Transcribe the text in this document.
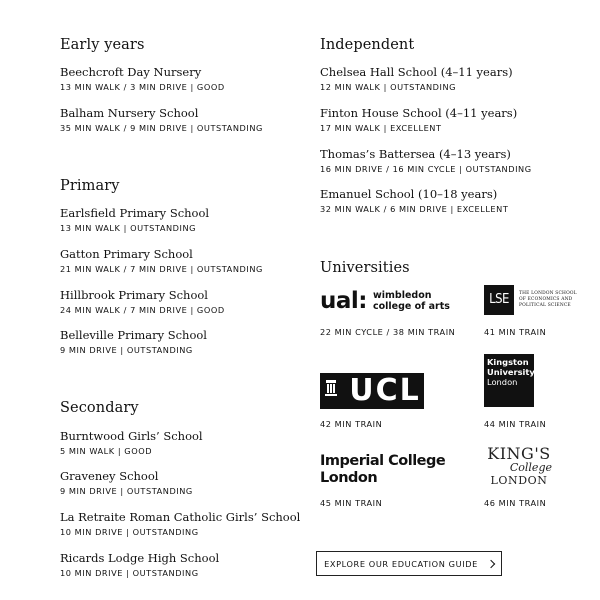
Early years
Beechcroft Day Nursery
13 MIN WALK / 3 MIN DRIVE | GOOD
Balham Nursery School
35 MIN WALK / 9 MIN DRIVE | OUTSTANDING
Primary
Earlsfield Primary School
13 MIN WALK | OUTSTANDING
Gatton Primary School
21 MIN WALK / 7 MIN DRIVE | OUTSTANDING
Hillbrook Primary School
24 MIN WALK / 7 MIN DRIVE | GOOD
Belleville Primary School
9 MIN DRIVE | OUTSTANDING
Secondary
Burntwood Girls’ School
5 MIN WALK | GOOD
Graveney School
9 MIN DRIVE | OUTSTANDING
La Retraite Roman Catholic Girls’ School
10 MIN DRIVE | OUTSTANDING
Ricards Lodge High School
10 MIN DRIVE | OUTSTANDING
Independent
Chelsea Hall School (4–11 years)
12 MIN WALK | OUTSTANDING
Finton House School (4–11 years)
17 MIN WALK | EXCELLENT
Thomas’s Battersea (4–13 years)
16 MIN DRIVE / 16 MIN CYCLE | OUTSTANDING
Emanuel School (10–18 years)
32 MIN WALK / 6 MIN DRIVE | EXCELLENT
Universities
ual: wimbledon
college of arts
22 MIN CYCLE / 38 MIN TRAIN
LSE	THE LONDON SCHOOL
OF ECONOMICS AND
POLITICAL SCIENCE
41 MIN TRAIN
UCL
42 MIN TRAIN
Kingston
University
London
44 MIN TRAIN
Imperial College
London
45 MIN TRAIN
KING'S
College
LONDON
46 MIN TRAIN
EXPLORE OUR EDUCATION GUIDE
